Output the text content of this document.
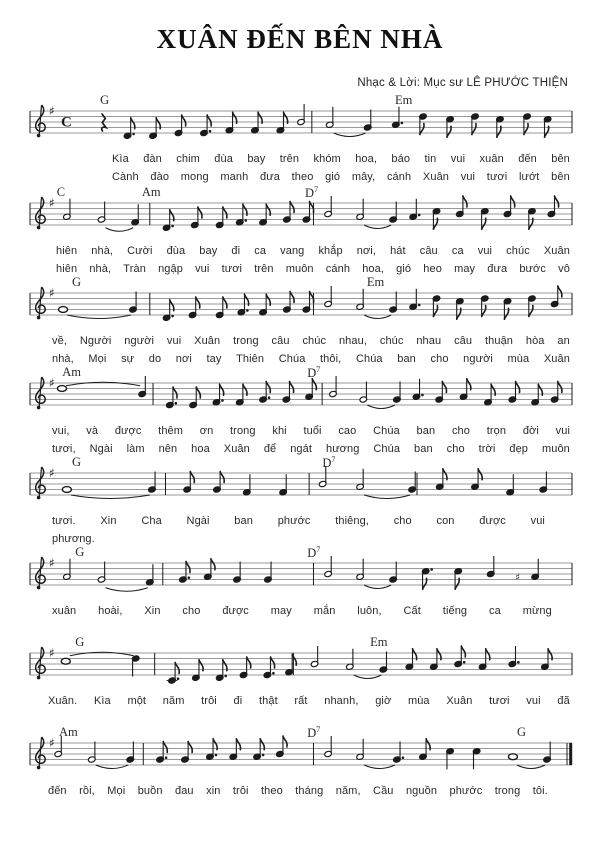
XUÂN ĐẾN BÊN NHÀ
Nhạc & Lời: Mục sư LÊ PHƯỚC THIỆN
G	Em
♯
C
Kìa đàn chim đùa bay trên khóm hoa, báo tin vui xuân đến bên
Cành đào mong manh đưa theo gió mây, cánh Xuân vui tươi lướt bên
C	Am	$D^7$
♯
hiên nhà, Cười đùa bay đi ca vang khắp nơi, hát câu ca vui chúc Xuân
hiên nhà, Tràn ngập vui tươi trên muôn cánh hoa, gió heo may đưa bước vô
G	Em
♯
về, Người người vui Xuân trong câu chúc nhau, chúc nhau câu thuận hòa an
nhà, Mọi sự do nơi tay Thiên Chúa thôi, Chúa ban cho người mùa Xuân
Am	$D^7$
♯
vui, và được thêm ơn trong khi tuổi cao Chúa ban cho trọn đời vui
tươi, Ngài làm nên hoa Xuân để ngát hương Chúa ban cho trời đẹp muôn
G	$D^7$
♯
tươi. Xin Cha Ngài ban phước thiêng, cho con được vui
phương.
G	$D^7$
♯
♯
xuân hoài, Xin cho được may mắn luôn, Cất tiếng ca mừng
G	Em
♯
Xuân. Kìa một năm trôi đi thật rất nhanh, giờ mùa Xuân tươi vui đã
Am	$D^7$	G
♯
đến rồi, Mọi buồn đau xin trôi theo tháng năm, Cầu nguồn phước trong tôi.
